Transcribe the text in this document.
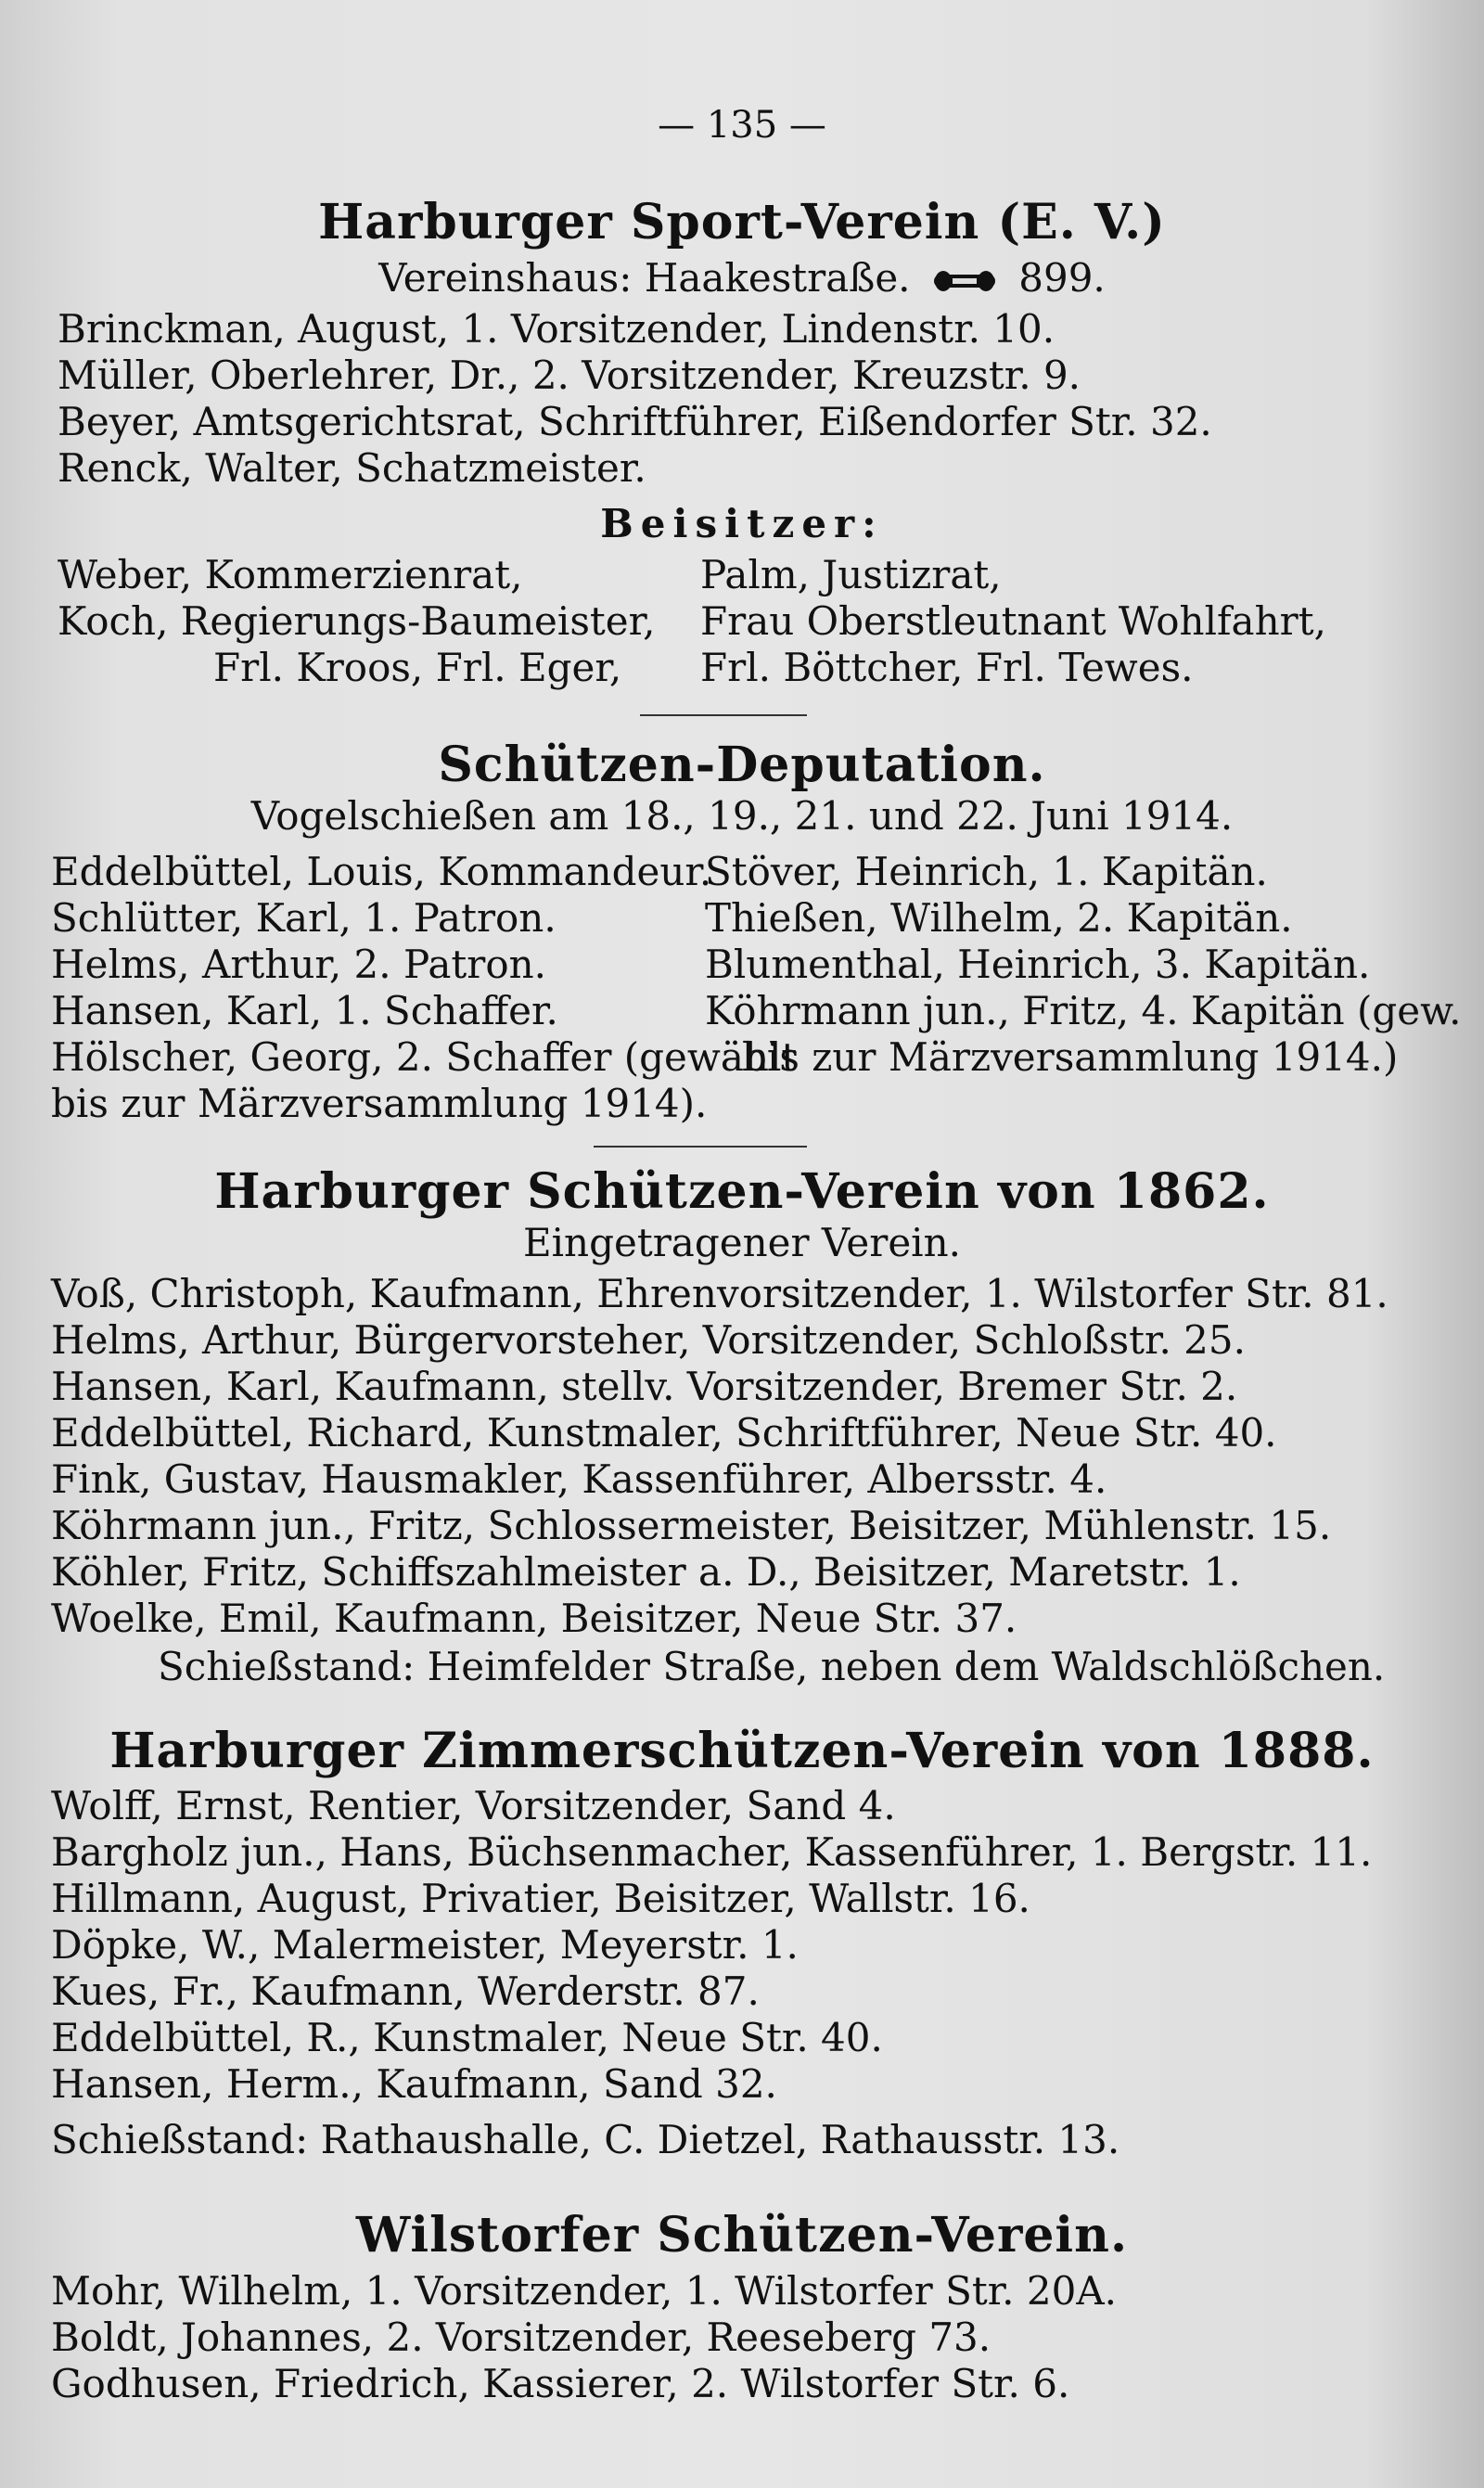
— 135 —
Harburger Sport-Verein (E. V.)
Vereinshaus: Haakestraße.	899.
Brinckman, August, 1. Vorsitzender, Lindenstr. 10.
Müller, Oberlehrer, Dr., 2. Vorsitzender, Kreuzstr. 9.
Beyer, Amtsgerichtsrat, Schriftführer, Eißendorfer Str. 32.
Renck, Walter, Schatzmeister.
Beisitzer:
Weber, Kommerzienrat,
Koch, Regierungs-Baumeister,
Frl. Kroos, Frl. Eger,
Palm, Justizrat,
Frau Oberstleutnant Wohlfahrt,
Frl. Böttcher, Frl. Tewes.
Schützen-Deputation.
Vogelschießen am 18., 19., 21. und 22. Juni 1914.
Eddelbüttel, Louis, Kommandeur.
Schlütter, Karl, 1. Patron.
Helms, Arthur, 2. Patron.
Hansen, Karl, 1. Schaffer.
Hölscher, Georg, 2. Schaffer (gewählt
bis zur Märzversammlung 1914).
Stöver, Heinrich, 1. Kapitän.
Thießen, Wilhelm, 2. Kapitän.
Blumenthal, Heinrich, 3. Kapitän.
Köhrmann jun., Fritz, 4. Kapitän (gew.
bis zur Märzversammlung 1914.)
Harburger Schützen-Verein von 1862.
Eingetragener Verein.
Voß, Christoph, Kaufmann, Ehrenvorsitzender, 1. Wilstorfer Str. 81.
Helms, Arthur, Bürgervorsteher, Vorsitzender, Schloßstr. 25.
Hansen, Karl, Kaufmann, stellv. Vorsitzender, Bremer Str. 2.
Eddelbüttel, Richard, Kunstmaler, Schriftführer, Neue Str. 40.
Fink, Gustav, Hausmakler, Kassenführer, Albersstr. 4.
Köhrmann jun., Fritz, Schlossermeister, Beisitzer, Mühlenstr. 15.
Köhler, Fritz, Schiffszahlmeister a. D., Beisitzer, Maretstr. 1.
Woelke, Emil, Kaufmann, Beisitzer, Neue Str. 37.
Schießstand: Heimfelder Straße, neben dem Waldschlößchen.
Harburger Zimmerschützen-Verein von 1888.
Wolff, Ernst, Rentier, Vorsitzender, Sand 4.
Bargholz jun., Hans, Büchsenmacher, Kassenführer, 1. Bergstr. 11.
Hillmann, August, Privatier, Beisitzer, Wallstr. 16.
Döpke, W., Malermeister, Meyerstr. 1.
Kues, Fr., Kaufmann, Werderstr. 87.
Eddelbüttel, R., Kunstmaler, Neue Str. 40.
Hansen, Herm., Kaufmann, Sand 32.
Schießstand: Rathaushalle, C. Dietzel, Rathausstr. 13.
Wilstorfer Schützen-Verein.
Mohr, Wilhelm, 1. Vorsitzender, 1. Wilstorfer Str. 20A.
Boldt, Johannes, 2. Vorsitzender, Reeseberg 73.
Godhusen, Friedrich, Kassierer, 2. Wilstorfer Str. 6.
